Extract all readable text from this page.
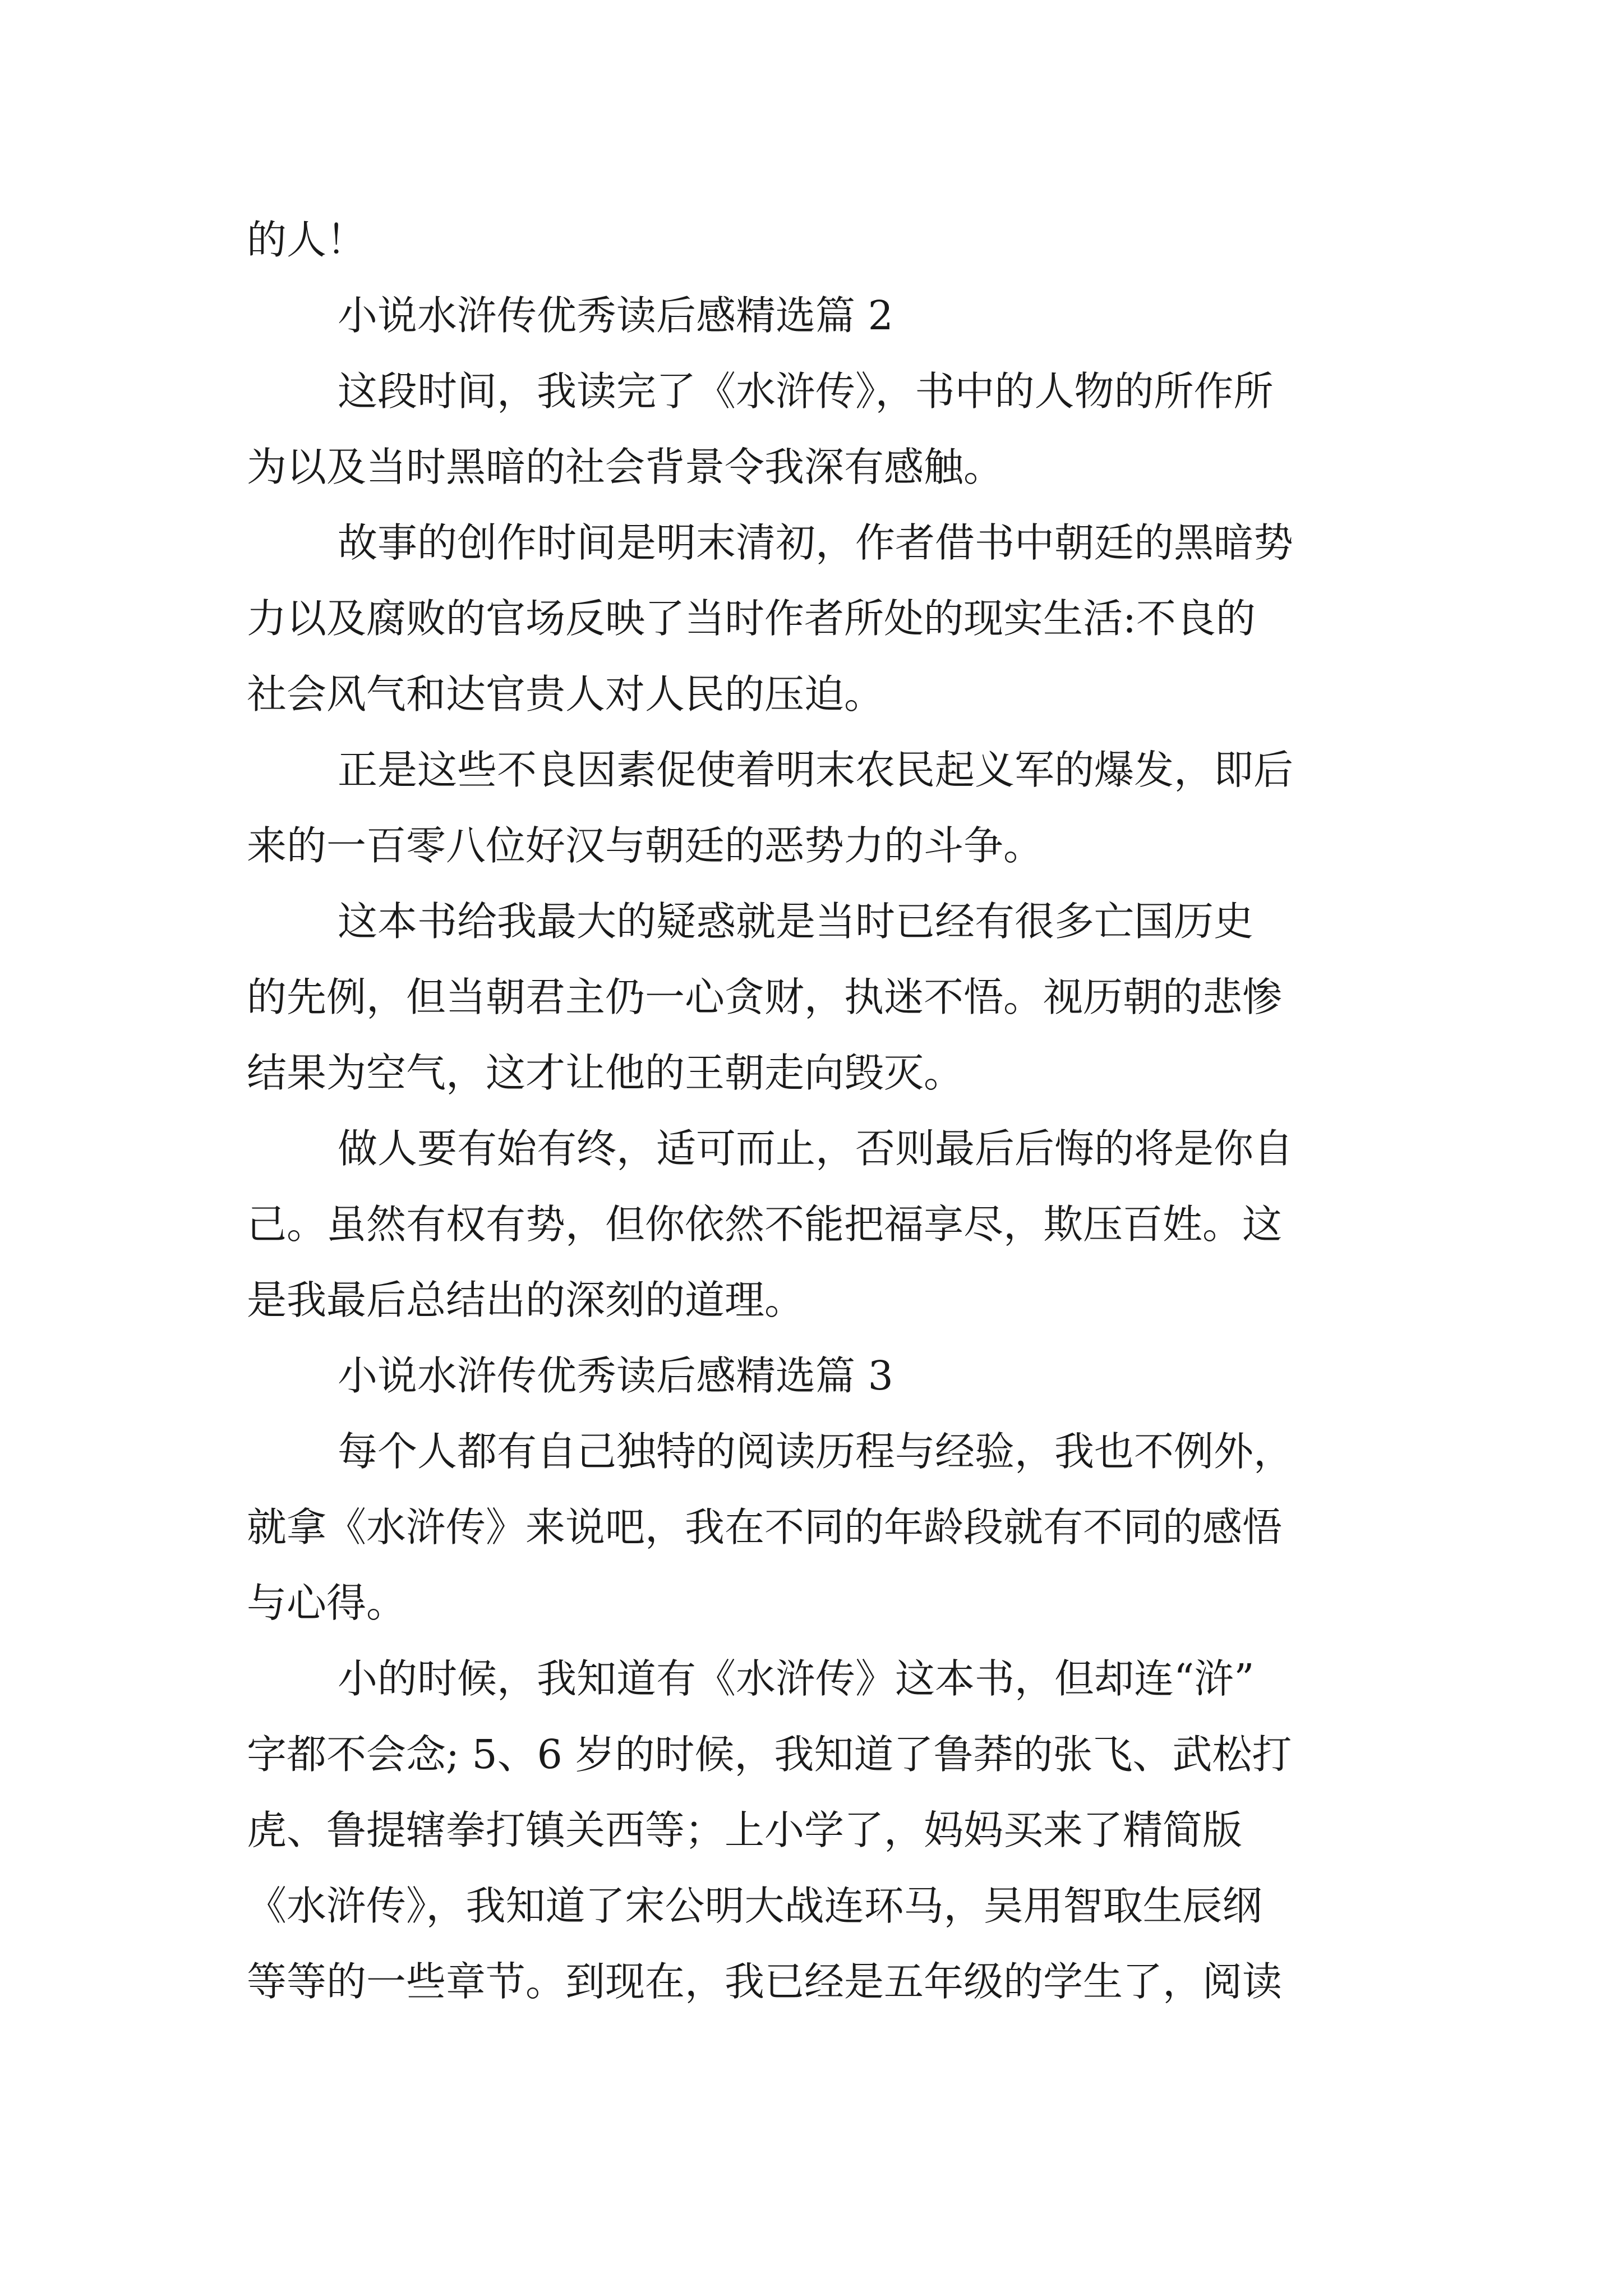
的人！
小说水浒传优秀读后感精选篇 2
这段时间，我读完了《水浒传》，书中的人物的所作所
为以及当时黑暗的社会背景令我深有感触。
故事的创作时间是明末清初，作者借书中朝廷的黑暗势
力以及腐败的官场反映了当时作者所处的现实生活:不良的
社会风气和达官贵人对人民的压迫。
正是这些不良因素促使着明末农民起义军的爆发，即后
来的一百零八位好汉与朝廷的恶势力的斗争。
这本书给我最大的疑惑就是当时已经有很多亡国历史
的先例，但当朝君主仍一心贪财，执迷不悟。视历朝的悲惨
结果为空气，这才让他的王朝走向毁灭。
做人要有始有终，适可而止，否则最后后悔的将是你自
己。虽然有权有势，但你依然不能把福享尽，欺压百姓。这
是我最后总结出的深刻的道理。
小说水浒传优秀读后感精选篇 3
每个人都有自己独特的阅读历程与经验，我也不例外，
就拿《水浒传》来说吧，我在不同的年龄段就有不同的感悟
与心得。
小的时候，我知道有《水浒传》这本书，但却连“浒”
字都不会念; 5、6 岁的时候，我知道了鲁莽的张飞、武松打
虎、鲁提辖拳打镇关西等；上小学了，妈妈买来了精简版
《水浒传》，我知道了宋公明大战连环马，吴用智取生辰纲
等等的一些章节。到现在，我已经是五年级的学生了，阅读
